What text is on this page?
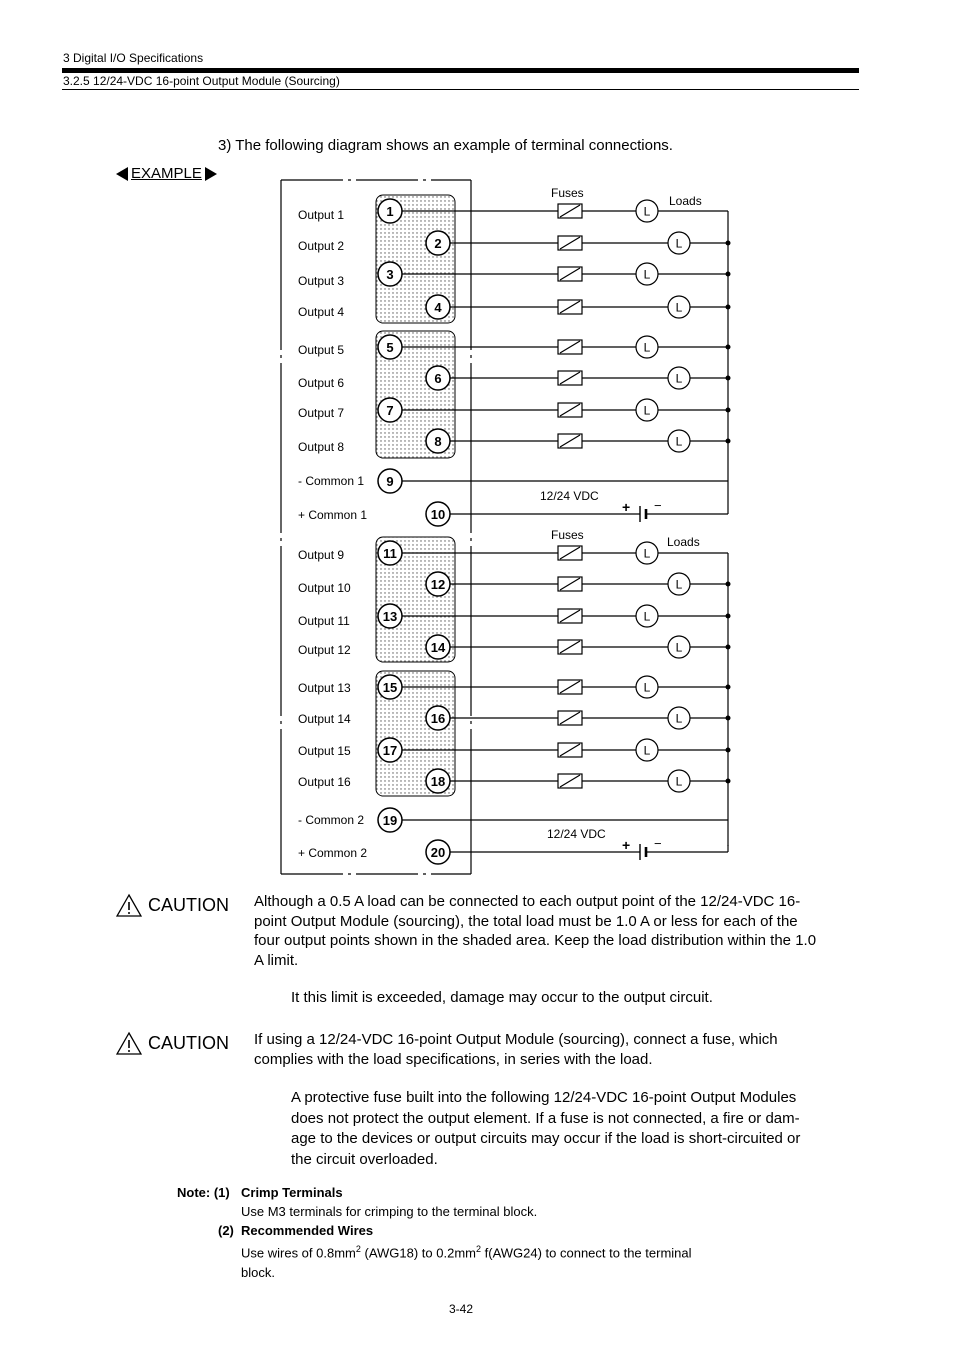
3 Digital I/O Specifications
3.2.5 12/24-VDC 16-point Output Module (Sourcing)
3) The following diagram shows an example of terminal connections.
EXAMPLE
Output 1	L
1
Output 2	L
2
Output 3	L
3
Output 4	L
4
Output 5	L
5
Output 6	L
6
Output 7	L
7
Output 8	L
8
- Common 1 9
+ Common 1	+ −
12/24 VDC
10
Output 9	L
11
Output 10	L
12
Output 11	L
13
Output 12	L
14
Output 13	L
15
Output 14	L
16
Output 15	L
17
Output 16	L
18
- Common 2 19
+ Common 2	+ −
12/24 VDC
20
Fuses
Loads
Fuses	Loads
CAUTION Although a 0.5 A load can be connected to each output point of the 12/24-VDC 16-
point Output Module (sourcing), the total load must be 1.0 A or less for each of the
four output points shown in the shaded area. Keep the load distribution within the 1.0
A limit.
It this limit is exceeded, damage may occur to the output circuit.
CAUTION If using a 12/24-VDC 16-point Output Module (sourcing), connect a fuse, which
complies with the load specifications, in series with the load.
A protective fuse built into the following 12/24-VDC 16-point Output Modules
does not protect the output element. If a fuse is not connected, a fire or dam-
age to the devices or output circuits may occur if the load is short-circuited or
the circuit overloaded.
Note: (1) Crimp Terminals
Use M3 terminals for crimping to the terminal block.
(2) Recommended Wires
Use wires of $0.8mm^2$ (AWG18) to $0.2mm^2$ f(AWG24) to connect to the terminal
block.
3-42
